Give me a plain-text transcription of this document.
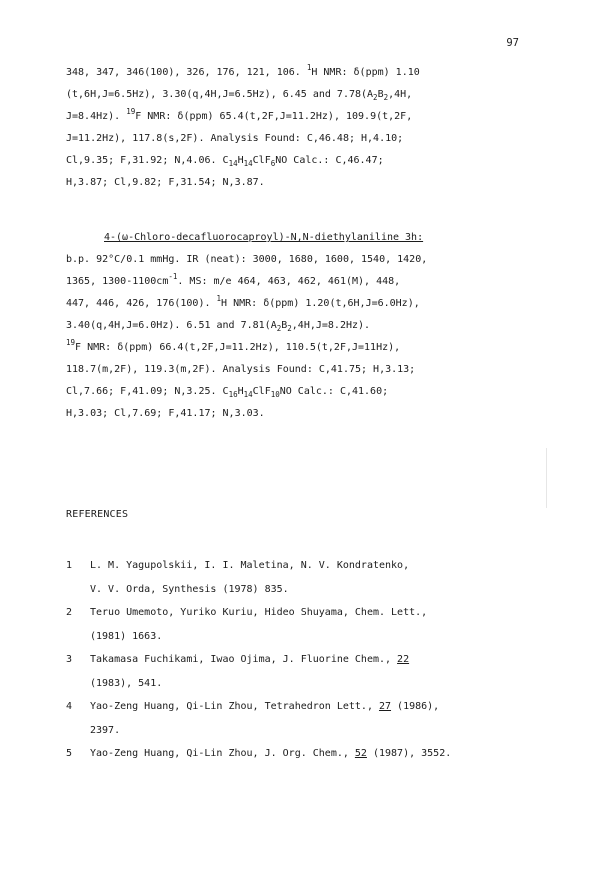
97
348, 347, 346(100), 326, 176, 121, 106. $^1$H NMR: δ(ppm) 1.10
(t,6H,J=6.5Hz), 3.30(q,4H,J=6.5Hz), 6.45 and $7.78(A_2B_2,4H$,
J=8.4Hz). $^{19}$F NMR: δ(ppm) 65.4(t,2F,J=11.2Hz), 109.9(t,2F,
J=11.2Hz), 117.8(s,2F). Analysis Found: C,46.48; H,4.10;
Cl,9.35; F,31.92; N,4.06. $C_{14}H_{14}ClF_6NO$ Calc.: C,46.47;
H,3.87; Cl,9.82; F,31.54; N,3.87.
4-(ω-Chloro-decafluorocaproyl)-N,N-diethylaniline 3h:
b.p. 92°C/0.1 mmHg. IR (neat): 3000, 1680, 1600, 1540, 1420,
1365, $1300-1100cm^{-1}$. MS: m/e 464, 463, 462, 461(M), 448,
447, 446, 426, 176(100). $^1$H NMR: δ(ppm) 1.20(t,6H,J=6.0Hz),
3.40(q,4H,J=6.0Hz). 6.51 and $7.81(A_2B_2,4H,J=8.2Hz)$.
$^{19}$F NMR: δ(ppm) 66.4(t,2F,J=11.2Hz), 110.5(t,2F,J=11Hz),
118.7(m,2F), 119.3(m,2F). Analysis Found: C,41.75; H,3.13;
Cl,7.66; F,41.09; N,3.25. $C_{16}H_{14}ClF_{10}NO$ Calc.: C,41.60;
H,3.03; Cl,7.69; F,41.17; N,3.03.
REFERENCES
1 L. M. Yagupolskii, I. I. Maletina, N. V. Kondratenko,
V. V. Orda, Synthesis (1978) 835.
2 Teruo Umemoto, Yuriko Kuriu, Hideo Shuyama, Chem. Lett.,
(1981) 1663.
3 Takamasa Fuchikami, Iwao Ojima, J. Fluorine Chem., 22
(1983), 541.
4 Yao-Zeng Huang, Qi-Lin Zhou, Tetrahedron Lett., 27 (1986),
2397.
5 Yao-Zeng Huang, Qi-Lin Zhou, J. Org. Chem., 52 (1987), 3552.
